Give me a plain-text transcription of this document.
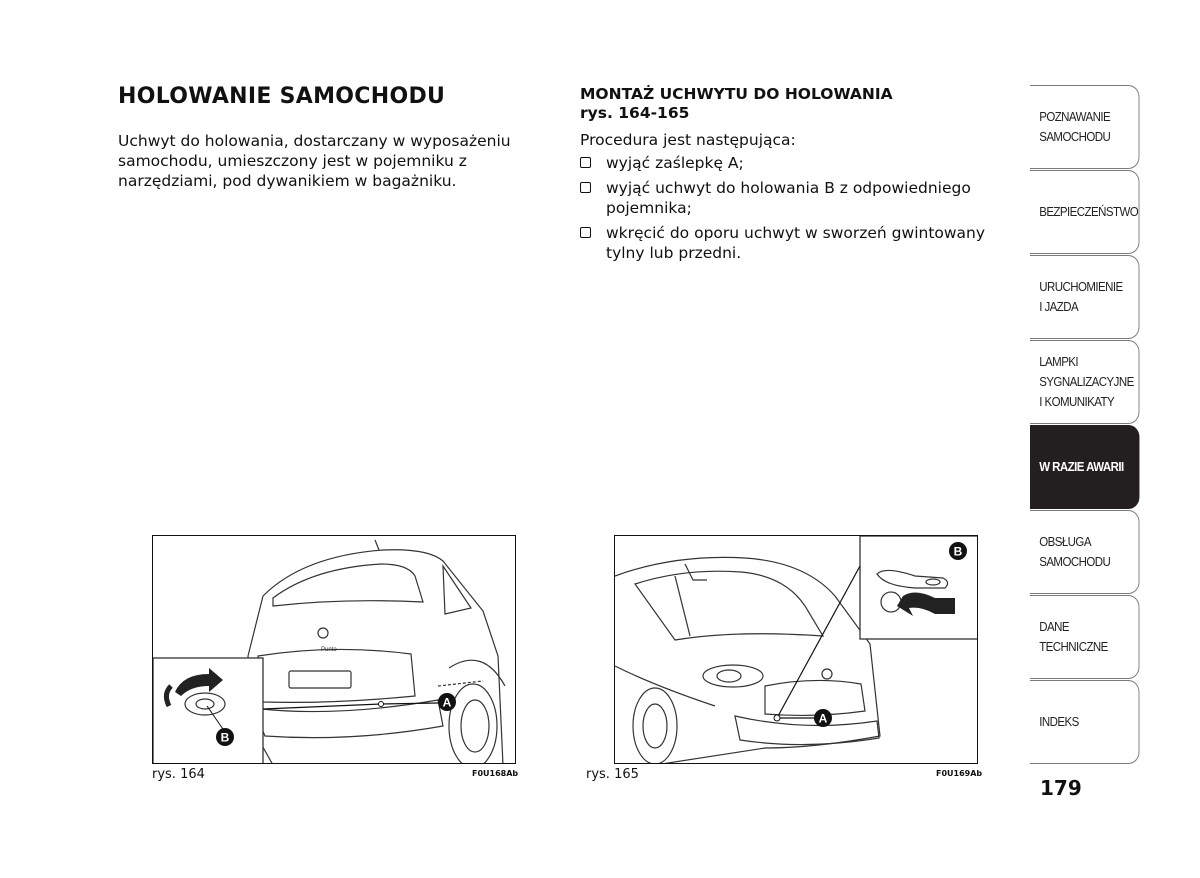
HOLOWANIE SAMOCHODU

Uchwyt do holowania, dostarczany w wyposażeniu samochodu, umieszczony jest w pojemniku z narzędziami, pod dywanikiem w bagażniku.

MONTAŻ UCHWYTU DO HOLOWANIA
rys. 164-165

Procedura jest następująca:

wyjąć zaślepkę A;
wyjąć uchwyt do holowania B z odpowiedniego pojemnika;
wkręcić do oporu uchwyt w sworzeń gwintowany tylny lub przedni.
Punto
A
B
rys. 164	F0U168Ab
A
B
rys. 165	F0U169Ab
POZNAWANIE
SAMOCHODU
BEZPIECZEŃSTWO
URUCHOMIENIE
I JAZDA
LAMPKI
SYGNALIZACYJNE
I KOMUNIKATY
W RAZIE AWARII
OBSŁUGA
SAMOCHODU
DANE
TECHNICZNE
INDEKS
179
